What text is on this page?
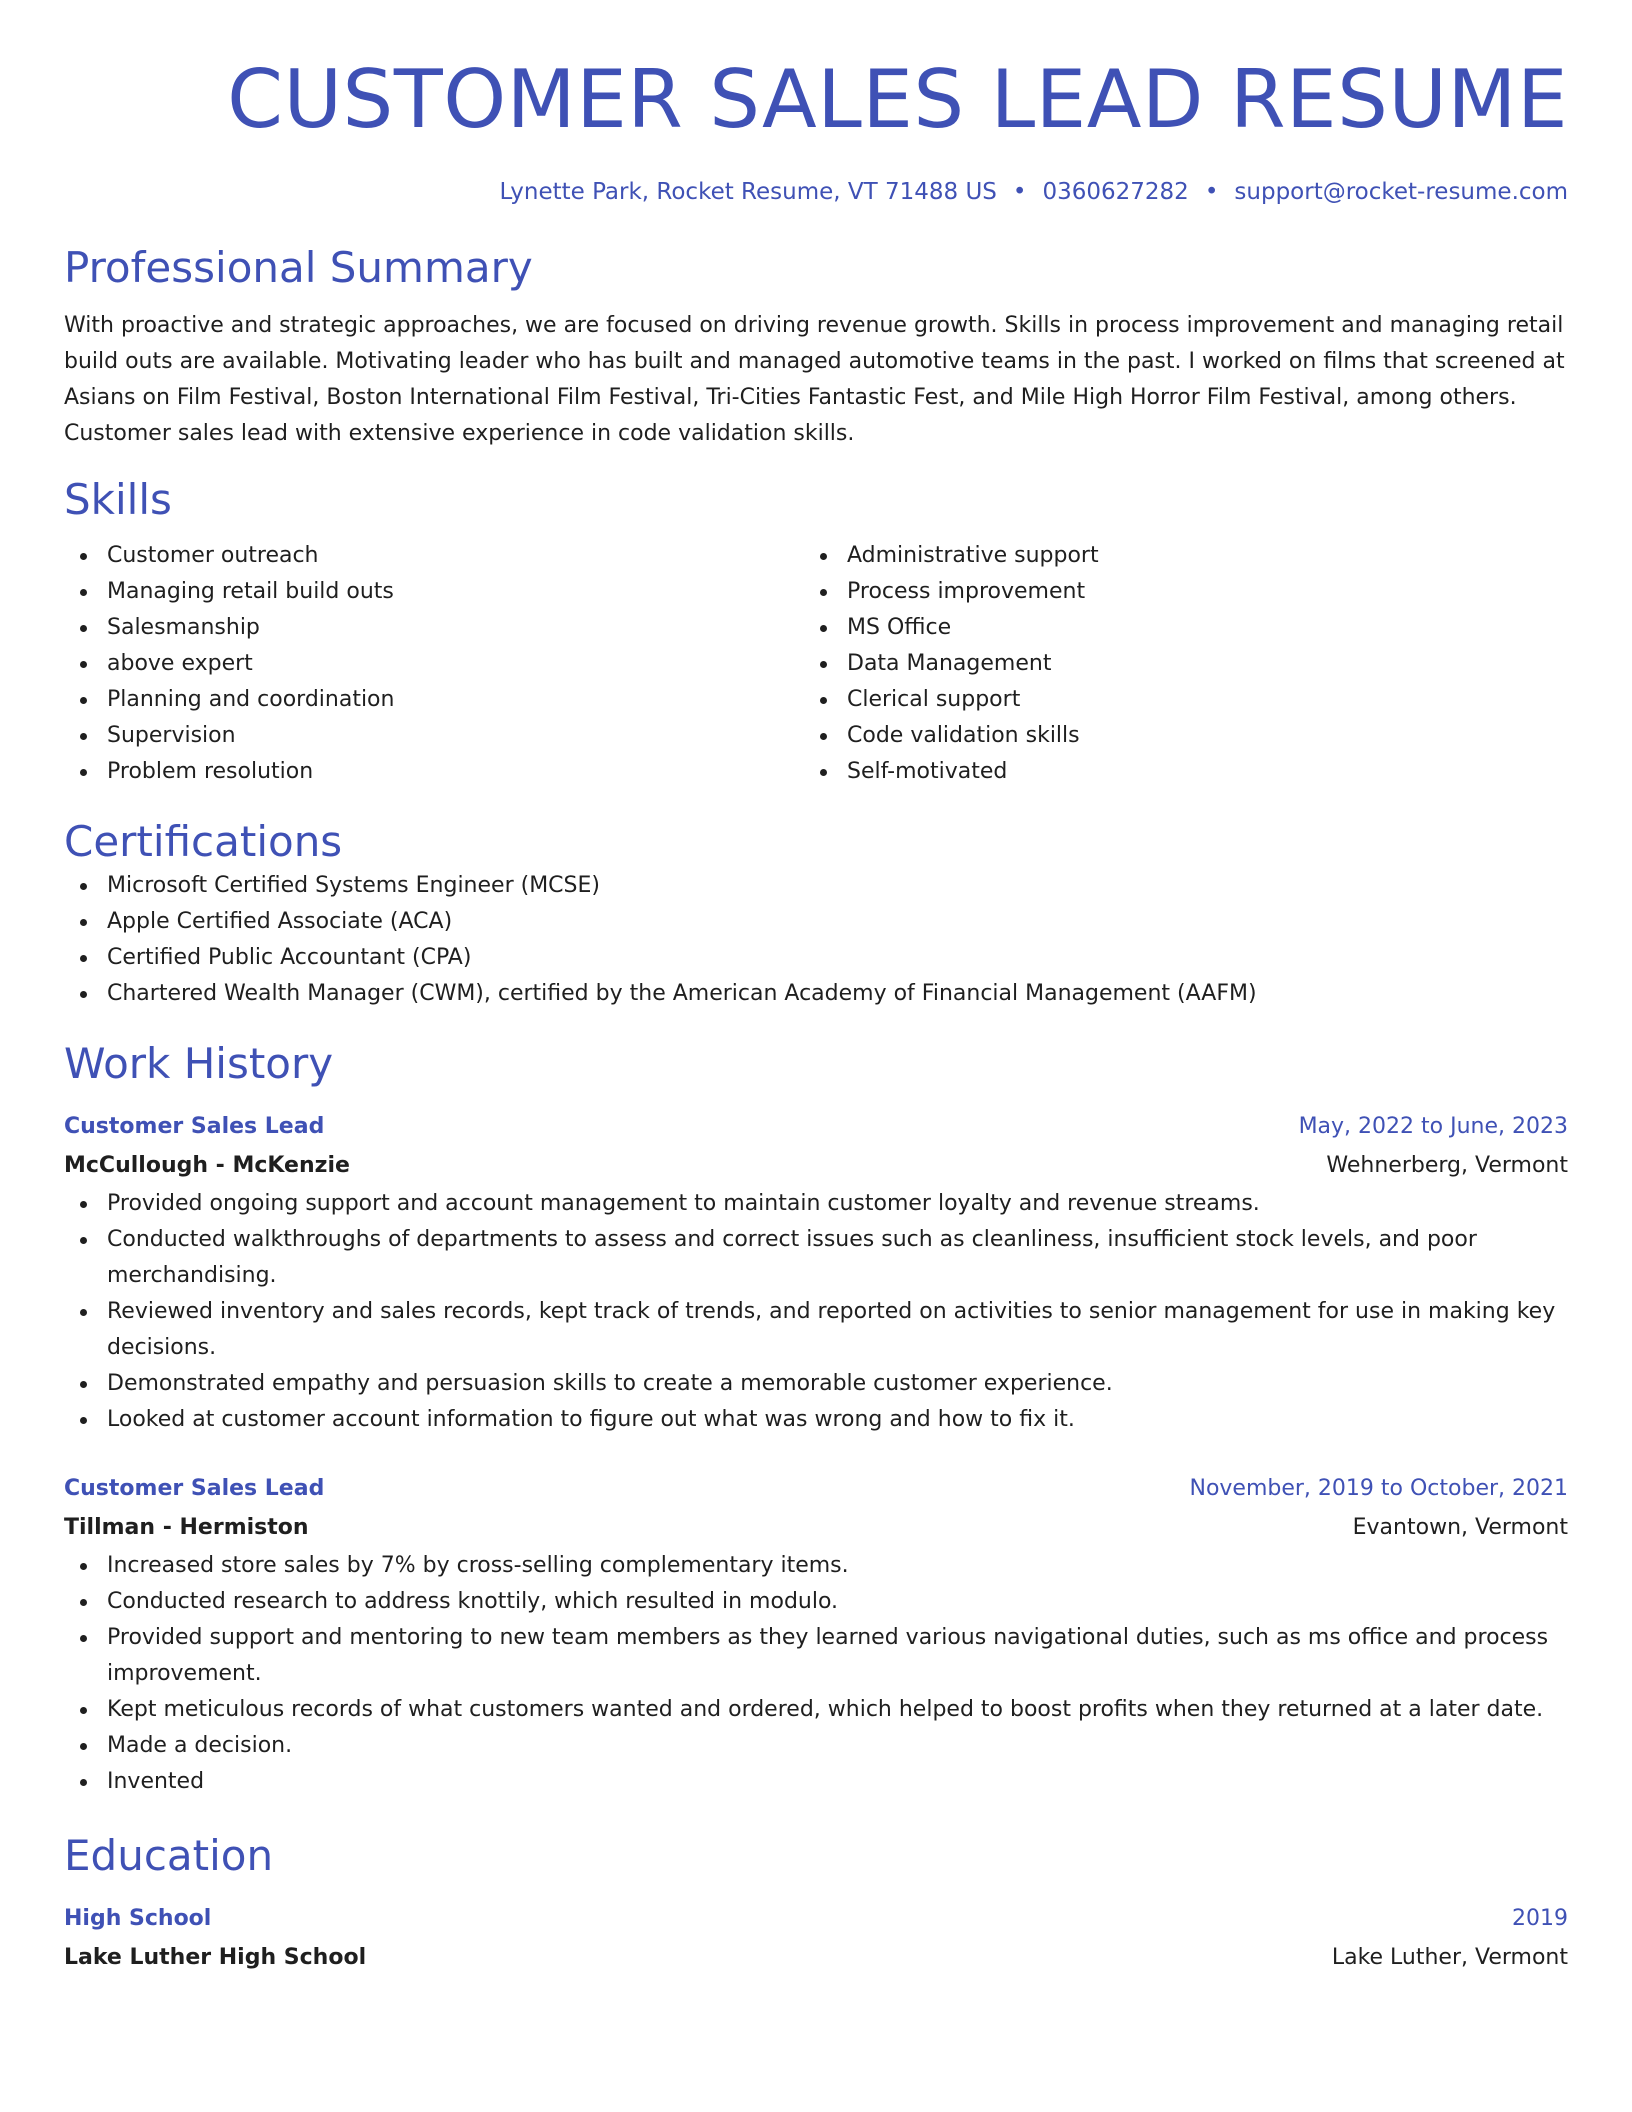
CUSTOMER SALES LEAD RESUME
Lynette Park, Rocket Resume, VT 71488 US • 0360627282 • support@rocket-resume.com
Professional Summary

With proactive and strategic approaches, we are focused on driving revenue growth. Skills in process improvement and managing retail build outs are available. Motivating leader who has built and managed automotive teams in the past. I worked on films that screened at Asians on Film Festival, Boston International Film Festival, Tri-Cities Fantastic Fest, and Mile High Horror Film Festival, among others. Customer sales lead with extensive experience in code validation skills.

Skills
Customer outreach
Managing retail build outs
Salesmanship
above expert
Planning and coordination
Supervision
Problem resolution
Administrative support
Process improvement
MS Office
Data Management
Clerical support
Code validation skills
Self-motivated
Certifications
Microsoft Certified Systems Engineer (MCSE)
Apple Certified Associate (ACA)
Certified Public Accountant (CPA)
Chartered Wealth Manager (CWM), certified by the American Academy of Financial Management (AAFM)
Work History
Customer Sales Lead	May, 2022 to June, 2023
McCullough - McKenzie	Wehnerberg, Vermont
Provided ongoing support and account management to maintain customer loyalty and revenue streams.
Conducted walkthroughs of departments to assess and correct issues such as cleanliness, insufficient stock levels, and poor merchandising.
Reviewed inventory and sales records, kept track of trends, and reported on activities to senior management for use in making key decisions.
Demonstrated empathy and persuasion skills to create a memorable customer experience.
Looked at customer account information to figure out what was wrong and how to fix it.
Customer Sales Lead	November, 2019 to October, 2021
Tillman - Hermiston	Evantown, Vermont
Increased store sales by 7% by cross-selling complementary items.
Conducted research to address knottily, which resulted in modulo.
Provided support and mentoring to new team members as they learned various navigational duties, such as ms office and process improvement.
Kept meticulous records of what customers wanted and ordered, which helped to boost profits when they returned at a later date.
Made a decision.
Invented
Education
High School	2019
Lake Luther High School	Lake Luther, Vermont
